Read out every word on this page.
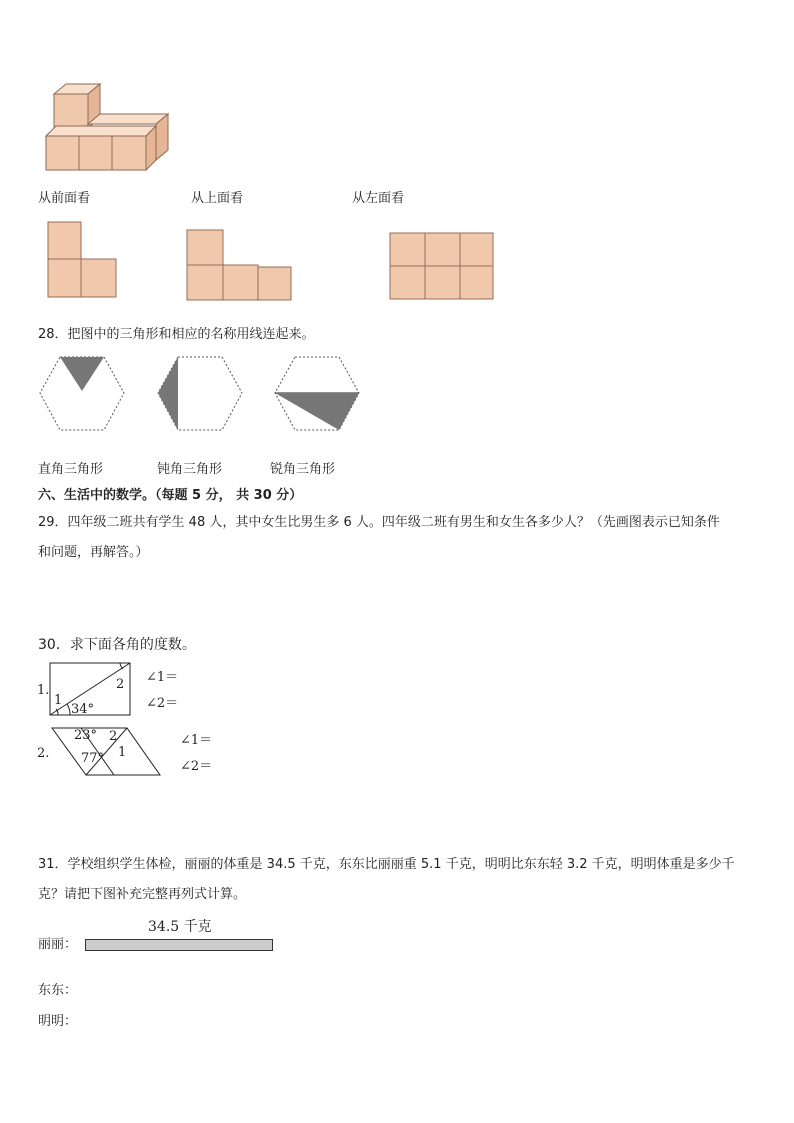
从前面看	从上面看	从左面看
28．把图中的三角形和相应的名称用线连起来。
直角三角形	钝角三角形	锐角三角形
六、生活中的数学。（每题 5 分， 共 30 分）
29．四年级二班共有学生 48 人，其中女生比男生多 6 人。四年级二班有男生和女生各多少人？（先画图表示已知条件
和问题，再解答。）
30．求下面各角的度数。
1.
1
2
34°
∠1＝
∠2＝
2.
23°
77°
2
1
∠1＝
∠2＝
31．学校组织学生体检，丽丽的体重是 34.5 千克，东东比丽丽重 5.1 千克，明明比东东轻 3.2 千克，明明体重是多少千
克？请把下图补充完整再列式计算。
34.5 千克
丽丽：
东东：
明明：
